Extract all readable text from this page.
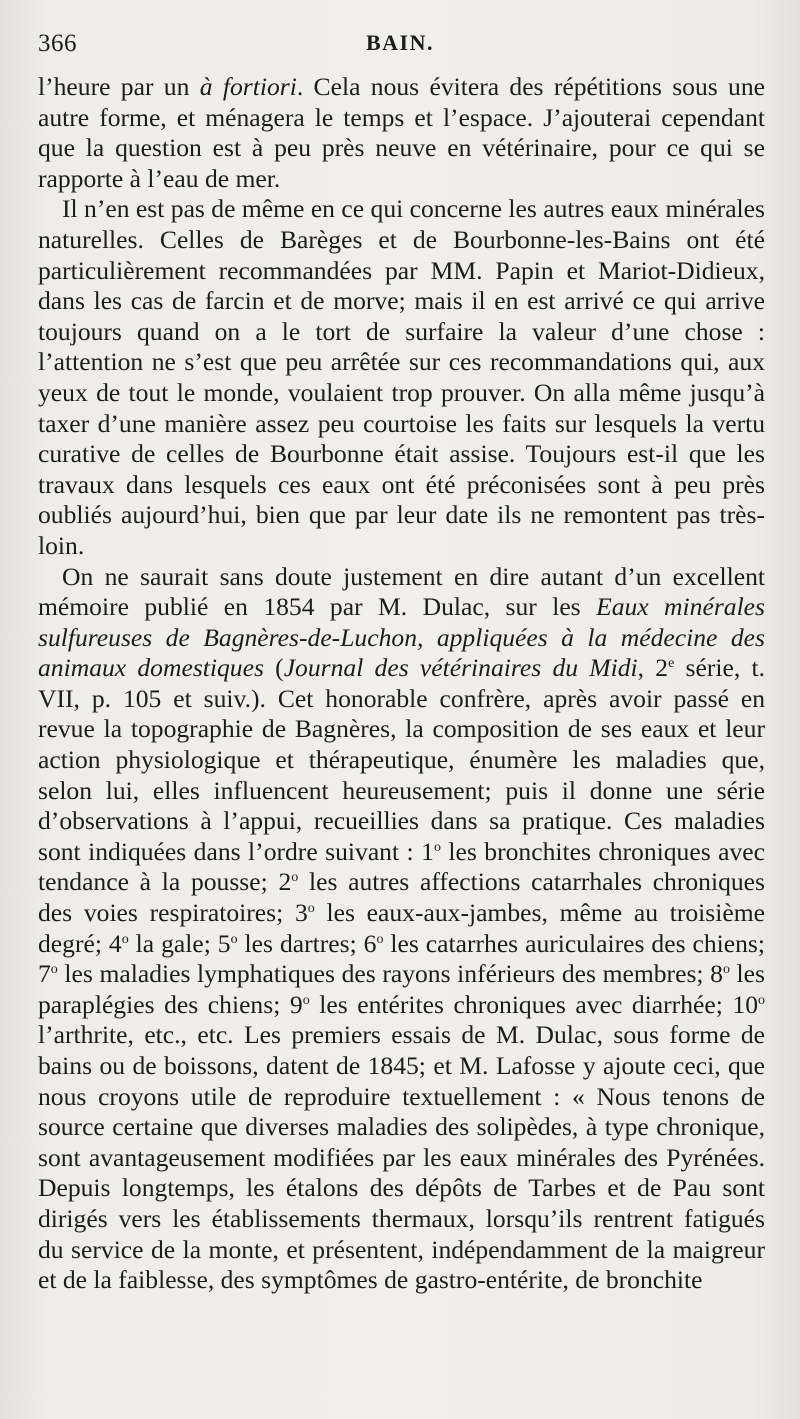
366	BAIN.

l’heure par un à fortiori. Cela nous évitera des répétitions sous une autre forme, et ménagera le temps et l’espace. J’ajouterai cependant que la question est à peu près neuve en vétérinaire, pour ce qui se rapporte à l’eau de mer.

Il n’en est pas de même en ce qui concerne les autres eaux minérales naturelles. Celles de Barèges et de Bourbonne-les-Bains ont été particulièrement recommandées par MM. Papin et Mariot-Didieux, dans les cas de farcin et de morve; mais il en est arrivé ce qui arrive toujours quand on a le tort de surfaire la valeur d’une chose : l’attention ne s’est que peu arrêtée sur ces recommandations qui, aux yeux de tout le monde, voulaient trop prouver. On alla même jusqu’à taxer d’une manière assez peu courtoise les faits sur lesquels la vertu curative de celles de Bourbonne était assise. Toujours est-il que les travaux dans lesquels ces eaux ont été préconisées sont à peu près oubliés aujourd’hui, bien que par leur date ils ne remontent pas très-loin.

On ne saurait sans doute justement en dire autant d’un excellent mémoire publié en 1854 par M. Dulac, sur les Eaux minérales sulfureuses de Bagnères-de-Luchon, appliquées à la médecine des animaux domestiques (Journal des vétérinaires du Midi, 2e série, t. VII, p. 105 et suiv.). Cet honorable confrère, après avoir passé en revue la topographie de Bagnères, la composition de ses eaux et leur action physiologique et thérapeutique, énumère les maladies que, selon lui, elles influencent heureusement; puis il donne une série d’observations à l’appui, recueillies dans sa pratique. Ces maladies sont indiquées dans l’ordre suivant : 1$^o$ les bronchites chroniques avec tendance à la pousse; 2$^o$ les autres affections catarrhales chroniques des voies respiratoires; 3$^o$ les eaux-aux-jambes, même au troisième degré; 4$^o$ la gale; 5$^o$ les dartres; 6$^o$ les catarrhes auriculaires des chiens; 7$^o$ les maladies lymphatiques des rayons inférieurs des membres; 8$^o$ les paraplégies des chiens; 9$^o$ les entérites chroniques avec diarrhée; 10$^o$ l’arthrite, etc., etc. Les premiers essais de M. Dulac, sous forme de bains ou de boissons, datent de 1845; et M. Lafosse y ajoute ceci, que nous croyons utile de reproduire textuellement : « Nous tenons de source certaine que diverses maladies des solipèdes, à type chronique, sont avantageusement modifiées par les eaux minérales des Pyrénées. Depuis longtemps, les étalons des dépôts de Tarbes et de Pau sont dirigés vers les établissements thermaux, lorsqu’ils rentrent fatigués du service de la monte, et présentent, indépendamment de la maigreur et de la faiblesse, des symptômes de gastro-entérite, de bronchite
